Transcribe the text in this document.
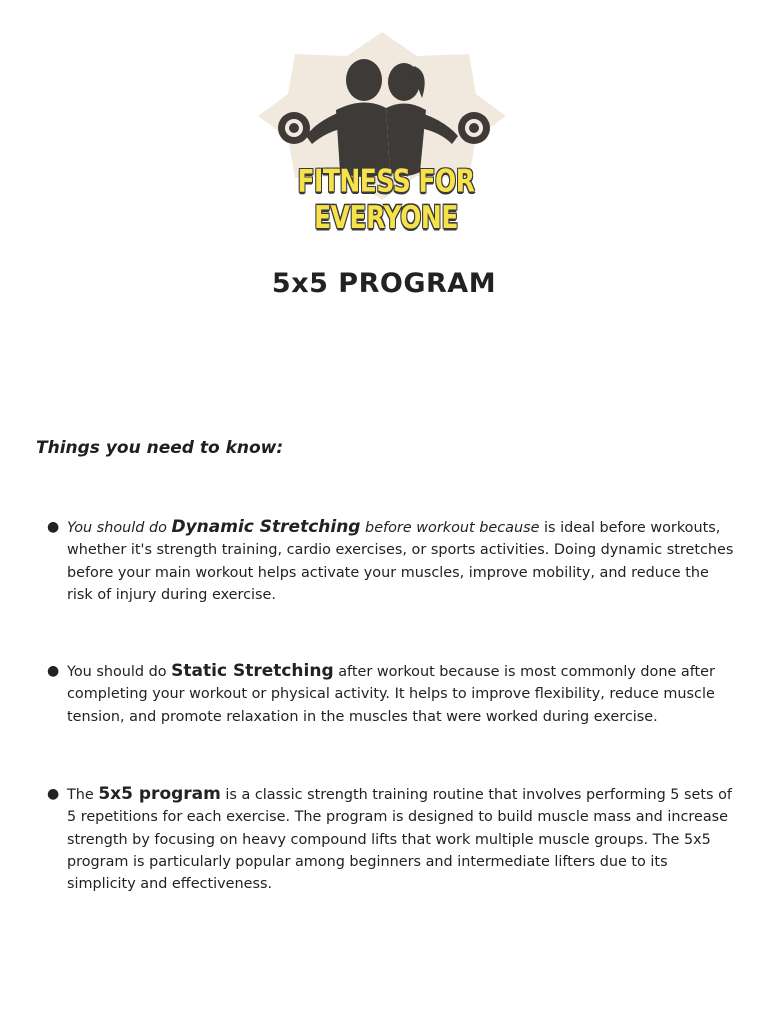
FITNESS FOR EVERYONE
5x5 PROGRAM
Things you need to know:
● You should do Dynamic Stretching before workout because is ideal before workouts, whether it's strength training, cardio exercises, or sports activities. Doing dynamic stretches before your main workout helps activate your muscles, improve mobility, and reduce the risk of injury during exercise.
● You should do Static Stretching after workout because is most commonly done after completing your workout or physical activity. It helps to improve flexibility, reduce muscle tension, and promote relaxation in the muscles that were worked during exercise.
● The 5x5 program is a classic strength training routine that involves performing 5 sets of 5 repetitions for each exercise. The program is designed to build muscle mass and increase strength by focusing on heavy compound lifts that work multiple muscle groups. The 5x5 program is particularly popular among beginners and intermediate lifters due to its simplicity and effectiveness.
